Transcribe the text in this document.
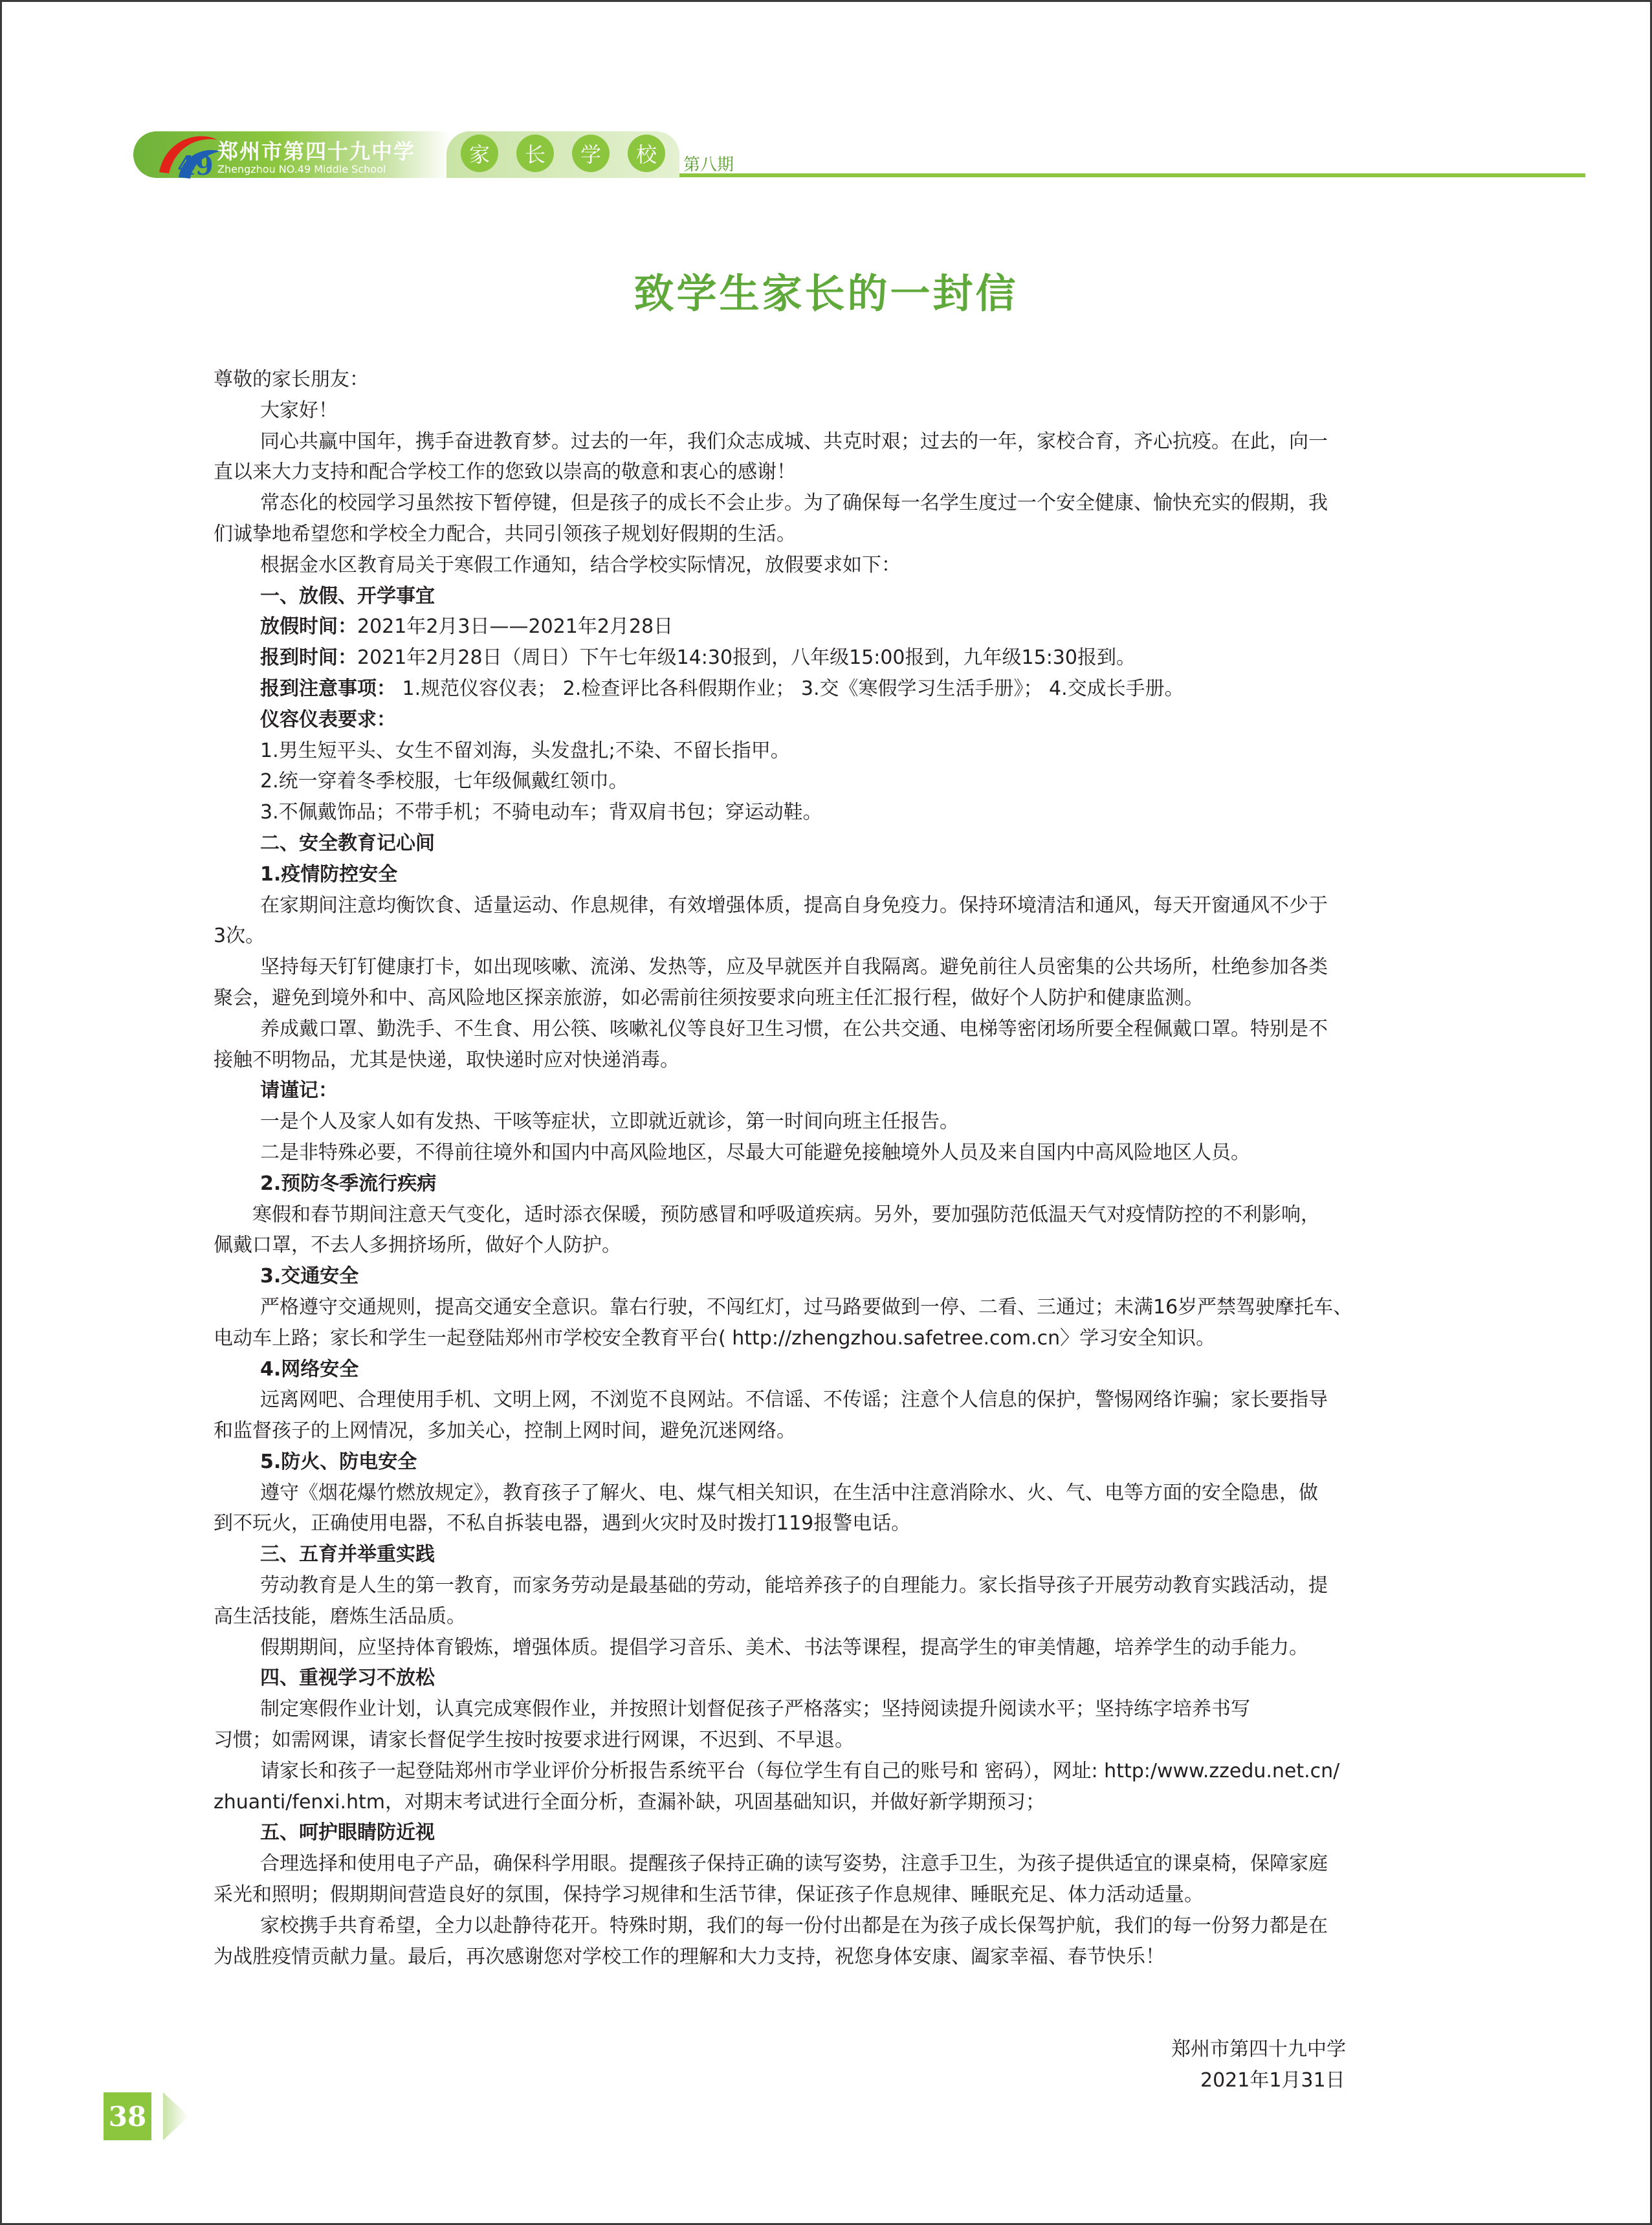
49 郑州市第四十九中学
Zhengzhou NO.49 Middle School
家	长	学	校	第八期
致学生家长的一封信

尊敬的家长朋友：

大家好！

同心共赢中国年，携手奋进教育梦。过去的一年，我们众志成城、共克时艰；过去的一年，家校合育，齐心抗疫。在此，向一

直以来大力支持和配合学校工作的您致以崇高的敬意和衷心的感谢！

常态化的校园学习虽然按下暂停键，但是孩子的成长不会止步。为了确保每一名学生度过一个安全健康、愉快充实的假期，我

们诚挚地希望您和学校全力配合，共同引领孩子规划好假期的生活。

根据金水区教育局关于寒假工作通知，结合学校实际情况，放假要求如下：

一、放假、开学事宜

放假时间：2021年2月3日——2021年2月28日

报到时间：2021年2月28日（周日）下午七年级14:30报到，八年级15:00报到，九年级15:30报到。

报到注意事项： 1.规范仪容仪表； 2.检查评比各科假期作业； 3.交《寒假学习生活手册》； 4.交成长手册。

仪容仪表要求：

1.男生短平头、女生不留刘海，头发盘扎;不染、不留长指甲。

2.统一穿着冬季校服，七年级佩戴红领巾。

3.不佩戴饰品；不带手机；不骑电动车；背双肩书包；穿运动鞋。

二、安全教育记心间

1.疫情防控安全

在家期间注意均衡饮食、适量运动、作息规律，有效增强体质，提高自身免疫力。保持环境清洁和通风，每天开窗通风不少于

3次。

坚持每天钉钉健康打卡，如出现咳嗽、流涕、发热等，应及早就医并自我隔离。避免前往人员密集的公共场所，杜绝参加各类

聚会，避免到境外和中、高风险地区探亲旅游，如必需前往须按要求向班主任汇报行程，做好个人防护和健康监测。

养成戴口罩、勤洗手、不生食、用公筷、咳嗽礼仪等良好卫生习惯，在公共交通、电梯等密闭场所要全程佩戴口罩。特别是不

接触不明物品，尤其是快递，取快递时应对快递消毒。

请谨记：

一是个人及家人如有发热、干咳等症状，立即就近就诊，第一时间向班主任报告。

二是非特殊必要，不得前往境外和国内中高风险地区，尽最大可能避免接触境外人员及来自国内中高风险地区人员。

2.预防冬季流行疾病

寒假和春节期间注意天气变化，适时添衣保暖，预防感冒和呼吸道疾病。另外，要加强防范低温天气对疫情防控的不利影响，

佩戴口罩，不去人多拥挤场所，做好个人防护。

3.交通安全

严格遵守交通规则，提高交通安全意识。靠右行驶，不闯红灯，过马路要做到一停、二看、三通过；未满16岁严禁驾驶摩托车、

电动车上路；家长和学生一起登陆郑州市学校安全教育平台( http://zhengzhou.safetree.com.cn〉学习安全知识。

4.网络安全

远离网吧、合理使用手机、文明上网，不浏览不良网站。不信谣、不传谣；注意个人信息的保护，警惕网络诈骗；家长要指导

和监督孩子的上网情况，多加关心，控制上网时间，避免沉迷网络。

5.防火、防电安全

遵守《烟花爆竹燃放规定》，教育孩子了解火、电、煤气相关知识，在生活中注意消除水、火、气、电等方面的安全隐患，做

到不玩火，正确使用电器，不私自拆装电器，遇到火灾时及时拨打119报警电话。

三、五育并举重实践

劳动教育是人生的第一教育，而家务劳动是最基础的劳动，能培养孩子的自理能力。家长指导孩子开展劳动教育实践活动，提

高生活技能，磨炼生活品质。

假期期间，应坚持体育锻炼，增强体质。提倡学习音乐、美术、书法等课程，提高学生的审美情趣，培养学生的动手能力。

四、重视学习不放松

制定寒假作业计划，认真完成寒假作业，并按照计划督促孩子严格落实；坚持阅读提升阅读水平；坚持练字培养书写

习惯；如需网课，请家长督促学生按时按要求进行网课，不迟到、不早退。

请家长和孩子一起登陆郑州市学业评价分析报告系统平台（每位学生有自己的账号和 密码），网址: http:/www.zzedu.net.cn/

zhuanti/fenxi.htm，对期末考试进行全面分析，查漏补缺，巩固基础知识，并做好新学期预习；

五、呵护眼睛防近视

合理选择和使用电子产品，确保科学用眼。提醒孩子保持正确的读写姿势，注意手卫生，为孩子提供适宜的课桌椅，保障家庭

采光和照明；假期期间营造良好的氛围，保持学习规律和生活节律，保证孩子作息规律、睡眠充足、体力活动适量。

家校携手共育希望，全力以赴静待花开。特殊时期，我们的每一份付出都是在为孩子成长保驾护航，我们的每一份努力都是在

为战胜疫情贡献力量。最后，再次感谢您对学校工作的理解和大力支持，祝您身体安康、阖家幸福、春节快乐！

郑州市第四十九中学

2021年1月31日

38
